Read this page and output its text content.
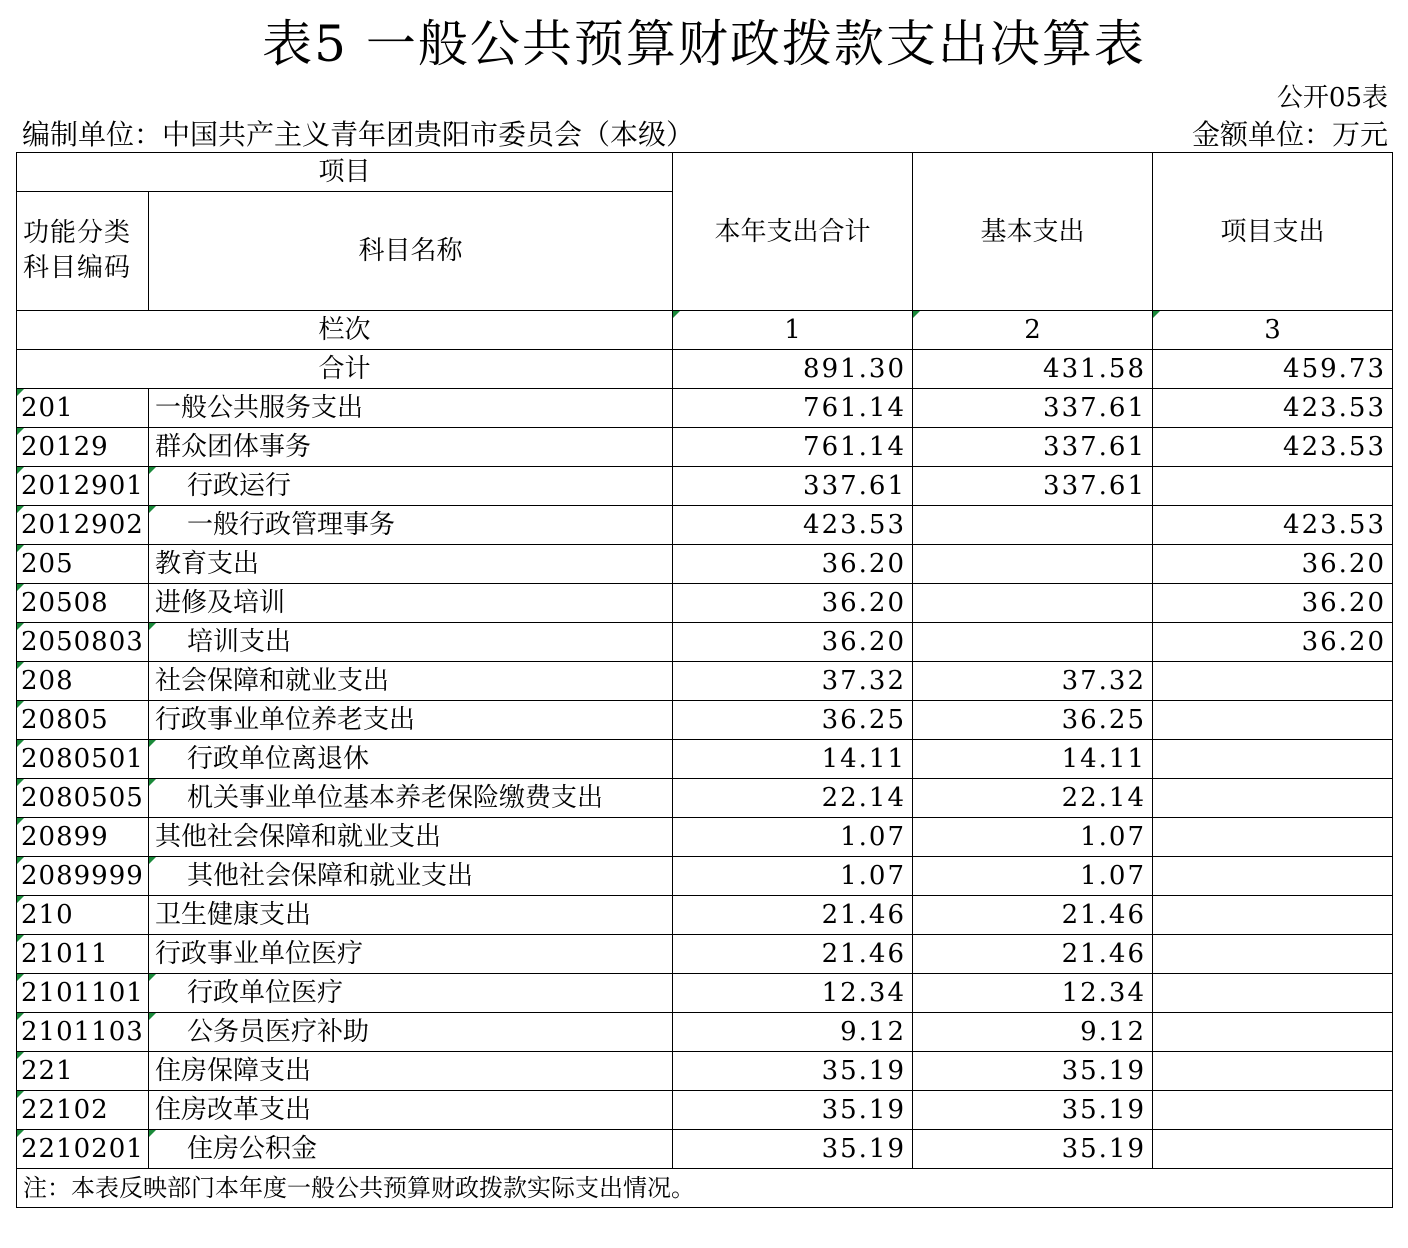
表5 一般公共预算财政拨款支出决算表
公开05表
编制单位：中国共产主义青年团贵阳市委员会（本级）	金额单位：万元
项目		本年支出合计	基本支出	项目支出
功能分类
科目编码	科目名称			
栏次		1	2	3
合计		891.30	431.58	459.73
201	一般公共服务支出	761.14	337.61	423.53
20129	群众团体事务	761.14	337.61	423.53
2012901	行政运行	337.61	337.61	
2012902	一般行政管理事务	423.53		423.53
205	教育支出	36.20		36.20
20508	进修及培训	36.20		36.20
2050803	培训支出	36.20		36.20
208	社会保障和就业支出	37.32	37.32	
20805	行政事业单位养老支出	36.25	36.25	
2080501	行政单位离退休	14.11	14.11	
2080505	机关事业单位基本养老保险缴费支出	22.14	22.14	
20899	其他社会保障和就业支出	1.07	1.07	
2089999	其他社会保障和就业支出	1.07	1.07	
210	卫生健康支出	21.46	21.46	
21011	行政事业单位医疗	21.46	21.46	
2101101	行政单位医疗	12.34	12.34	
2101103	公务员医疗补助	9.12	9.12	
221	住房保障支出	35.19	35.19	
22102	住房改革支出	35.19	35.19	
2210201	住房公积金	35.19	35.19	
注：本表反映部门本年度一般公共预算财政拨款实际支出情况。				
